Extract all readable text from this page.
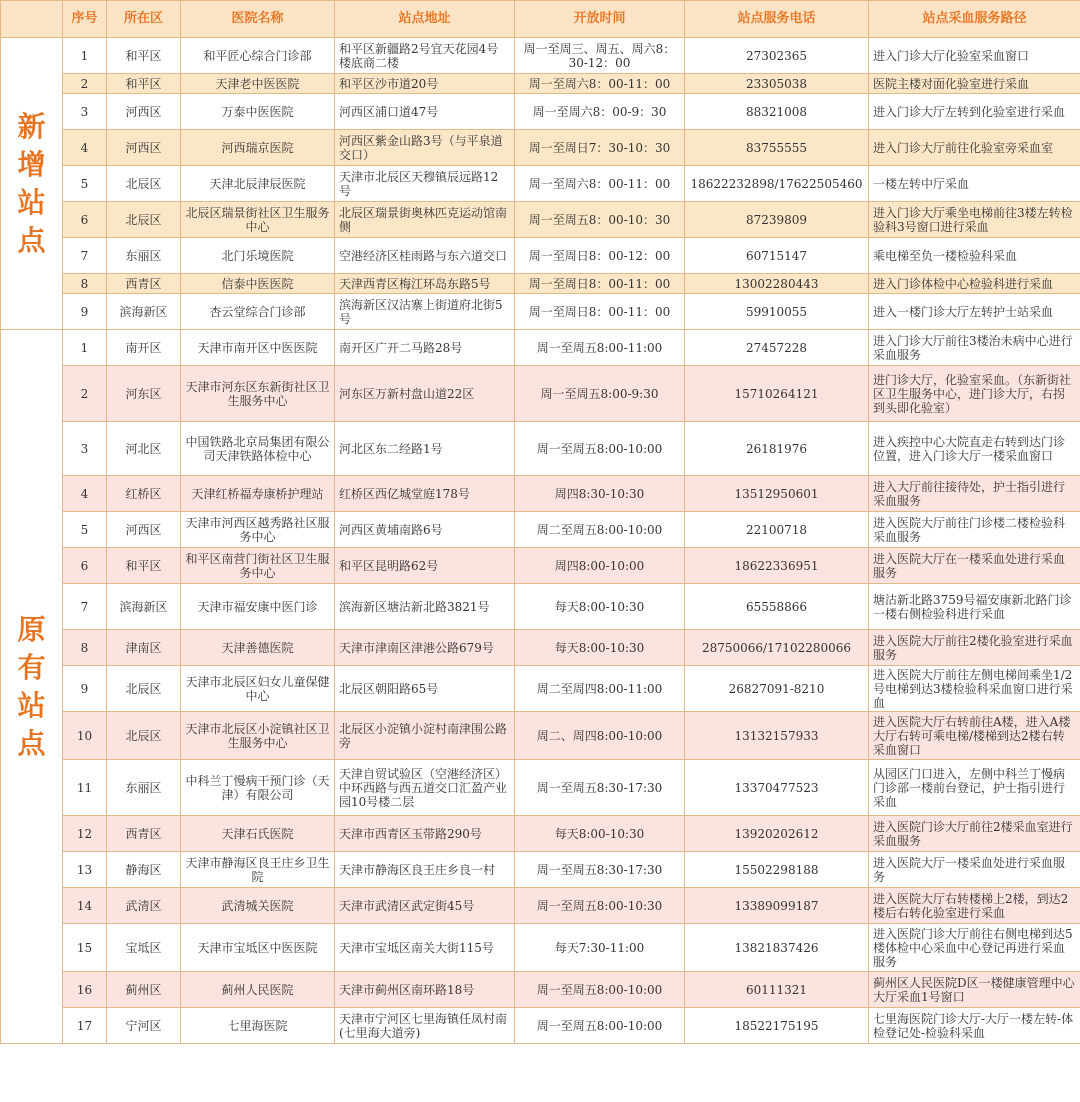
	序号	所在区	医院名称	站点地址	开放时间	站点服务电话	站点采血服务路径
新增站点	1	和平区	和平匠心综合门诊部	和平区新疆路2号宜天花园4号楼底商二楼	周一至周三、周五、周六8：30-12：00	27302365	进入门诊大厅化验室采血窗口
	2	和平区	天津老中医医院	和平区沙市道20号	周一至周六8：00-11：00	23305038	医院主楼对面化验室进行采血
	3	河西区	万泰中医医院	河西区浦口道47号	周一至周六8：00-9：30	88321008	进入门诊大厅左转到化验室进行采血
	4	河西区	河西瑞京医院	河西区紫金山路3号（与平泉道交口）	周一至周日7：30-10：30	83755555	进入门诊大厅前往化验室旁采血室
	5	北辰区	天津北辰津辰医院	天津市北辰区天穆镇辰远路12号	周一至周六8：00-11：00	18622232898/17622505460	一楼左转中厅采血
	6	北辰区	北辰区瑞景街社区卫生服务中心	北辰区瑞景街奥林匹克运动馆南侧	周一至周五8：00-10：30	87239809	进入门诊大厅乘坐电梯前往3楼左转检验科3号窗口进行采血
	7	东丽区	北门乐境医院	空港经济区桂雨路与东六道交口	周一至周日8：00-12：00	60715147	乘电梯至负一楼检验科采血
	8	西青区	信泰中医医院	天津西青区梅江环岛东路5号	周一至周日8：00-11：00	13002280443	进入门诊体检中心检验科进行采血
	9	滨海新区	杏云堂综合门诊部	滨海新区汉沽寨上街道府北街5号	周一至周日8：00-11：00	59910055	进入一楼门诊大厅左转护士站采血
原有站点	1	南开区	天津市南开区中医医院	南开区广开二马路28号	周一至周五8:00-11:00	27457228	进入门诊大厅前往3楼治未病中心进行采血服务
	2	河东区	天津市河东区东新街社区卫生服务中心	河东区万新村盘山道22区	周一至周五8:00-9:30	15710264121	进门诊大厅，化验室采血。（东新街社区卫生服务中心，进门诊大厅，右拐到头即化验室）
	3	河北区	中国铁路北京局集团有限公司天津铁路体检中心	河北区东二经路1号	周一至周五8:00-10:00	26181976	进入疾控中心大院直走右转到达门诊位置，进入门诊大厅一楼采血窗口
	4	红桥区	天津红桥福寿康桥护理站	红桥区西亿城堂庭178号	周四8:30-10:30	13512950601	进入大厅前往接待处，护士指引进行采血服务
	5	河西区	天津市河西区越秀路社区服务中心	河西区黄埔南路6号	周二至周五8:00-10:00	22100718	进入医院大厅前往门诊楼二楼检验科采血服务
	6	和平区	和平区南营门街社区卫生服务中心	和平区昆明路62号	周四8:00-10:00	18622336951	进入医院大厅在一楼采血处进行采血服务
	7	滨海新区	天津市福安康中医门诊	滨海新区塘沽新北路3821号	每天8:00-10:30	65558866	塘沽新北路3759号福安康新北路门诊一楼右侧检验科进行采血
	8	津南区	天津善德医院	天津市津南区津港公路679号	每天8:00-10:30	28750066/17102280066	进入医院大厅前往2楼化验室进行采血服务
	9	北辰区	天津市北辰区妇女儿童保健中心	北辰区朝阳路65号	周二至周四8:00-11:00	26827091-8210	进入医院大厅前往左侧电梯间乘坐1/2号电梯到达3楼检验科采血窗口进行采血
	10	北辰区	天津市北辰区小淀镇社区卫生服务中心	北辰区小淀镇小淀村南津围公路旁	周二、周四8:00-10:00	13132157933	进入医院大厅右转前往A楼，进入A楼大厅右转可乘电梯/楼梯到达2楼右转采血窗口
	11	东丽区	中科兰丁慢病干预门诊（天津）有限公司	天津自贸试验区（空港经济区）中环西路与西五道交口汇盈产业园10号楼二层	周一至周五8:30-17:30	13370477523	从园区门口进入，左侧中科兰丁慢病门诊部一楼前台登记，护士指引进行采血
	12	西青区	天津石氏医院	天津市西青区玉带路290号	每天8:00-10:30	13920202612	进入医院门诊大厅前往2楼采血室进行采血服务
	13	静海区	天津市静海区良王庄乡卫生院	天津市静海区良王庄乡良一村	周一至周五8:30-17:30	15502298188	进入医院大厅一楼采血处进行采血服务
	14	武清区	武清城关医院	天津市武清区武定街45号	周一至周五8:00-10:30	13389099187	进入医院大厅右转楼梯上2楼，到达2楼后右转化验室进行采血
	15	宝坻区	天津市宝坻区中医医院	天津市宝坻区南关大街115号	每天7:30-11:00	13821837426	进入医院门诊大厅前往右侧电梯到达5楼体检中心采血中心登记再进行采血服务
	16	蓟州区	蓟州人民医院	天津市蓟州区南环路18号	周一至周五8:00-10:00	60111321	蓟州区人民医院D区一楼健康管理中心大厅采血1号窗口
	17	宁河区	七里海医院	天津市宁河区七里海镇任凤村南(七里海大道旁)	周一至周五8:00-10:00	18522175195	七里海医院门诊大厅-大厅一楼左转-体检登记处-检验科采血
